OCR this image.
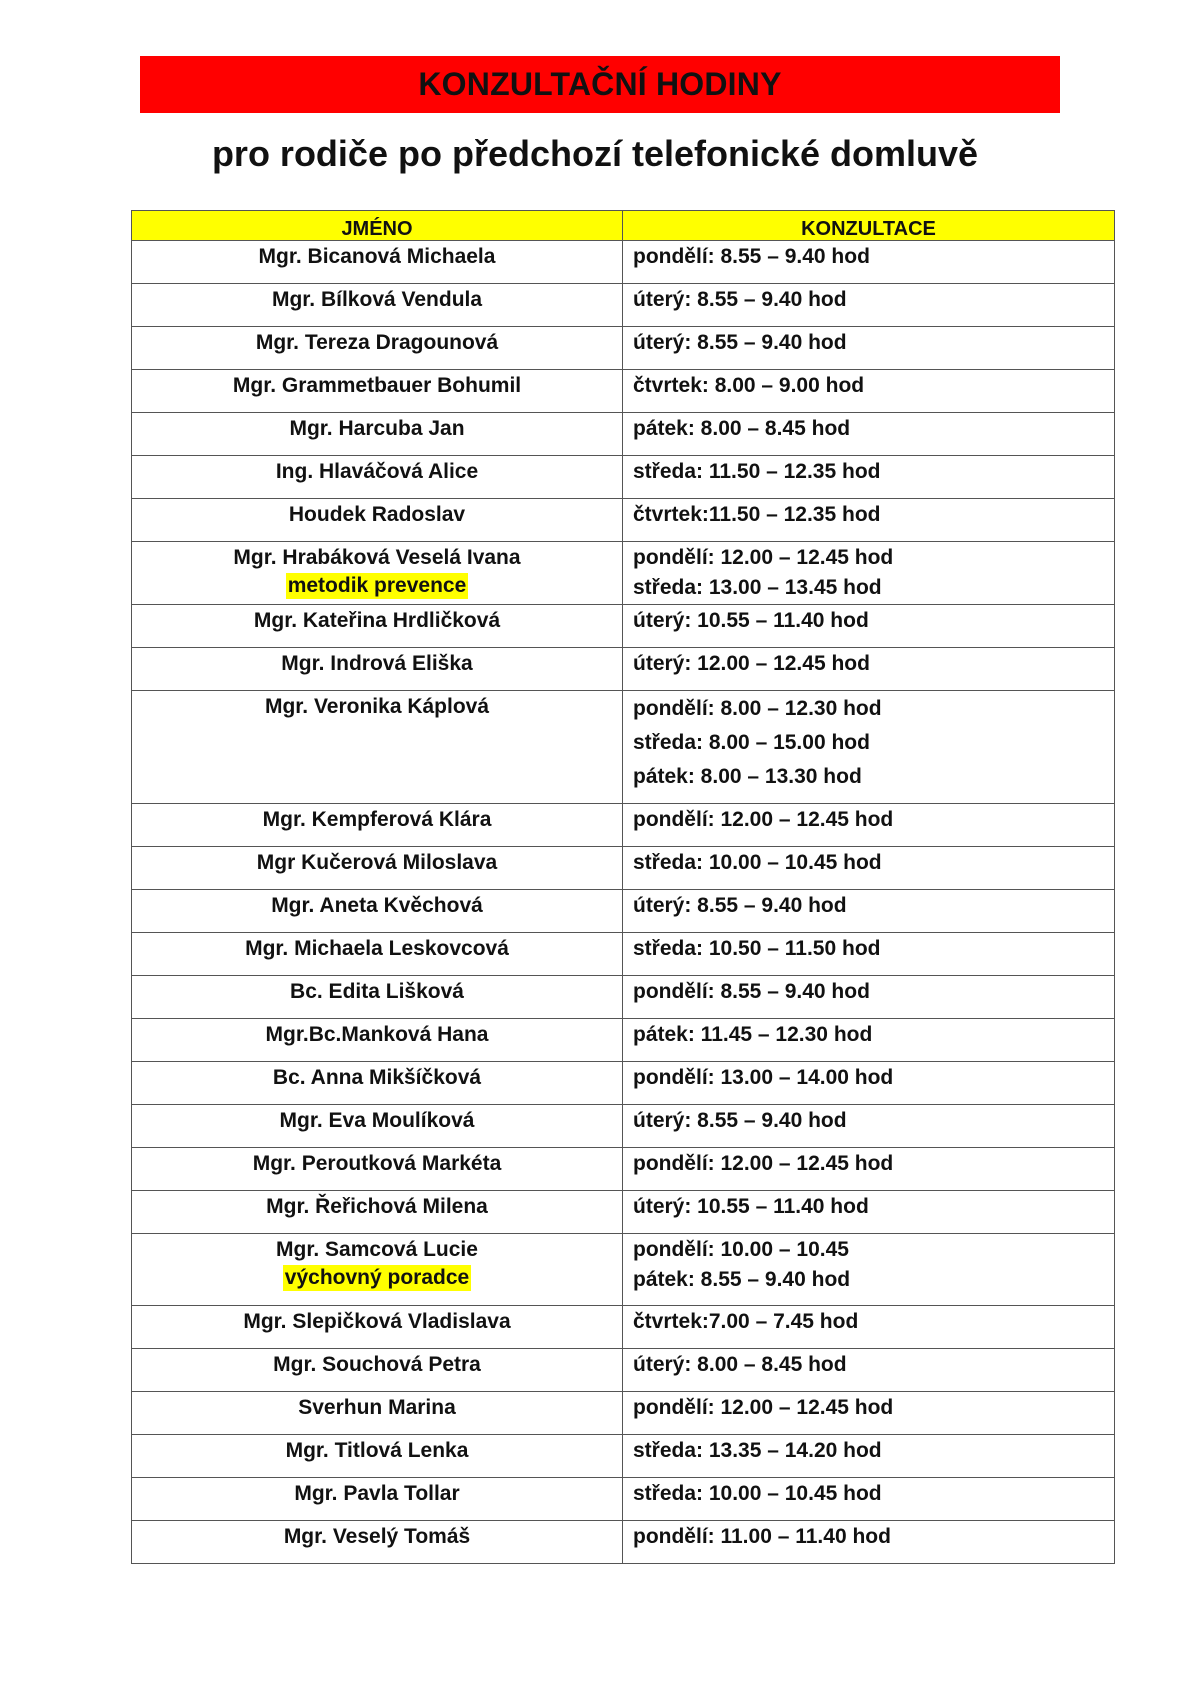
KONZULTAČNÍ HODINY
pro rodiče po předchozí telefonické domluvě
JMÉNO	KONZULTACE

Mgr. Bicanová Michaela	pondělí: 8.55 – 9.40 hod

Mgr. Bílková Vendula	úterý: 8.55 – 9.40 hod

Mgr. Tereza Dragounová	úterý: 8.55 – 9.40 hod

Mgr. Grammetbauer Bohumil	čtvrtek: 8.00 – 9.00 hod

Mgr. Harcuba Jan	pátek: 8.00 – 8.45 hod

Ing. Hlaváčová Alice	středa: 11.50 – 12.35 hod

Houdek Radoslav	čtvrtek:11.50 – 12.35 hod

Mgr. Hrabáková Veselá Ivana
metodik prevence	pondělí: 12.00 – 12.45 hod
středa: 13.00 – 13.45 hod

Mgr. Kateřina Hrdličková	úterý: 10.55 – 11.40 hod

Mgr. Indrová Eliška	úterý: 12.00 – 12.45 hod

Mgr. Veronika Káplová	pondělí: 8.00 – 12.30 hod
středa: 8.00 – 15.00 hod
pátek: 8.00 – 13.30 hod

Mgr. Kempferová Klára	pondělí: 12.00 – 12.45 hod

Mgr Kučerová Miloslava	středa: 10.00 – 10.45 hod

Mgr. Aneta Kvěchová	úterý: 8.55 – 9.40 hod

Mgr. Michaela Leskovcová	středa: 10.50 – 11.50 hod

Bc. Edita Lišková	pondělí: 8.55 – 9.40 hod

Mgr.Bc.Manková Hana	pátek: 11.45 – 12.30 hod

Bc. Anna Mikšíčková	pondělí: 13.00 – 14.00 hod

Mgr. Eva Moulíková	úterý: 8.55 – 9.40 hod

Mgr. Peroutková Markéta	pondělí: 12.00 – 12.45 hod

Mgr. Řeřichová Milena	úterý: 10.55 – 11.40 hod

Mgr. Samcová Lucie
výchovný poradce	pondělí: 10.00 – 10.45
pátek: 8.55 – 9.40 hod

Mgr. Slepičková Vladislava	čtvrtek:7.00 – 7.45 hod

Mgr. Souchová Petra	úterý: 8.00 – 8.45 hod

Sverhun Marina	pondělí: 12.00 – 12.45 hod

Mgr. Titlová Lenka	středa: 13.35 – 14.20 hod

Mgr. Pavla Tollar	středa: 10.00 – 10.45 hod

Mgr. Veselý Tomáš	pondělí: 11.00 – 11.40 hod
